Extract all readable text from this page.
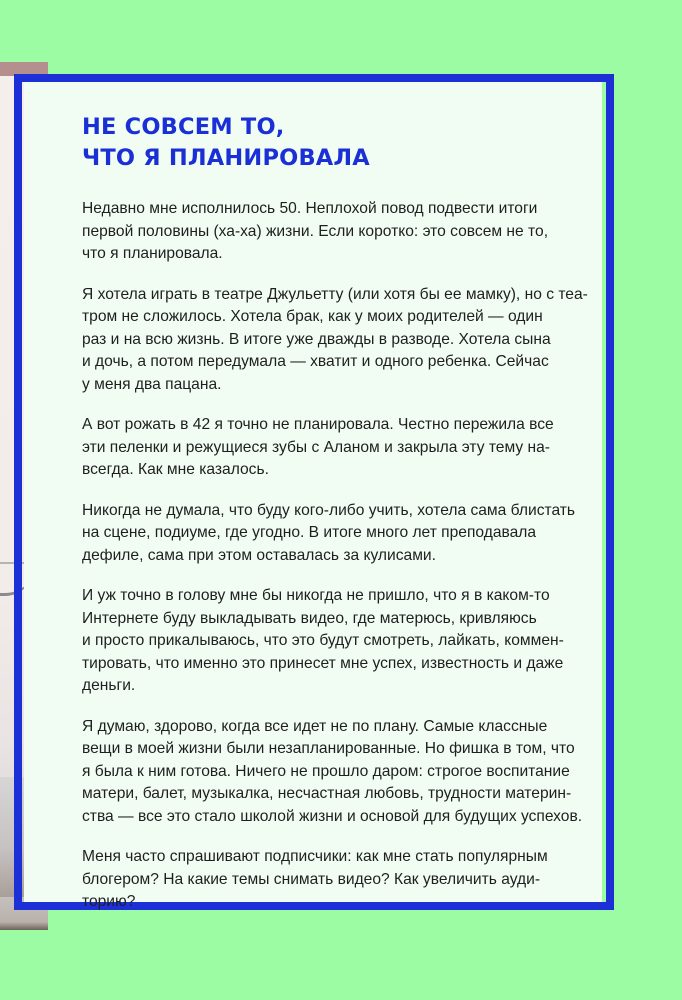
НЕ СОВСЕМ ТО,
ЧТО Я ПЛАНИРОВАЛА

Недавно мне исполнилось 50. Неплохой повод подвести итоги
первой половины (ха-ха) жизни. Если коротко: это совсем не то,
что я планировала.

Я хотела играть в театре Джульетту (или хотя бы ее мамку), но с теа-
тром не сложилось. Хотела брак, как у моих родителей — один
раз и на всю жизнь. В итоге уже дважды в разводе. Хотела сына
и дочь, а потом передумала — хватит и одного ребенка. Сейчас
у меня два пацана.

А вот рожать в 42 я точно не планировала. Честно пережила все
эти пеленки и режущиеся зубы с Аланом и закрыла эту тему на-
всегда. Как мне казалось.

Никогда не думала, что буду кого-либо учить, хотела сама блистать
на сцене, подиуме, где угодно. В итоге много лет преподавала
дефиле, сама при этом оставалась за кулисами.

И уж точно в голову мне бы никогда не пришло, что я в каком-то
Интернете буду выкладывать видео, где матерюсь, кривляюсь
и просто прикалываюсь, что это будут смотреть, лайкать, коммен-
тировать, что именно это принесет мне успех, известность и даже
деньги.

Я думаю, здорово, когда все идет не по плану. Самые классные
вещи в моей жизни были незапланированные. Но фишка в том, что
я была к ним готова. Ничего не прошло даром: строгое воспитание
матери, балет, музыкалка, несчастная любовь, трудности материн-
ства — все это стало школой жизни и основой для будущих успехов.

Меня часто спрашивают подписчики: как мне стать популярным
блогером? На какие темы снимать видео? Как увеличить ауди-
торию?
